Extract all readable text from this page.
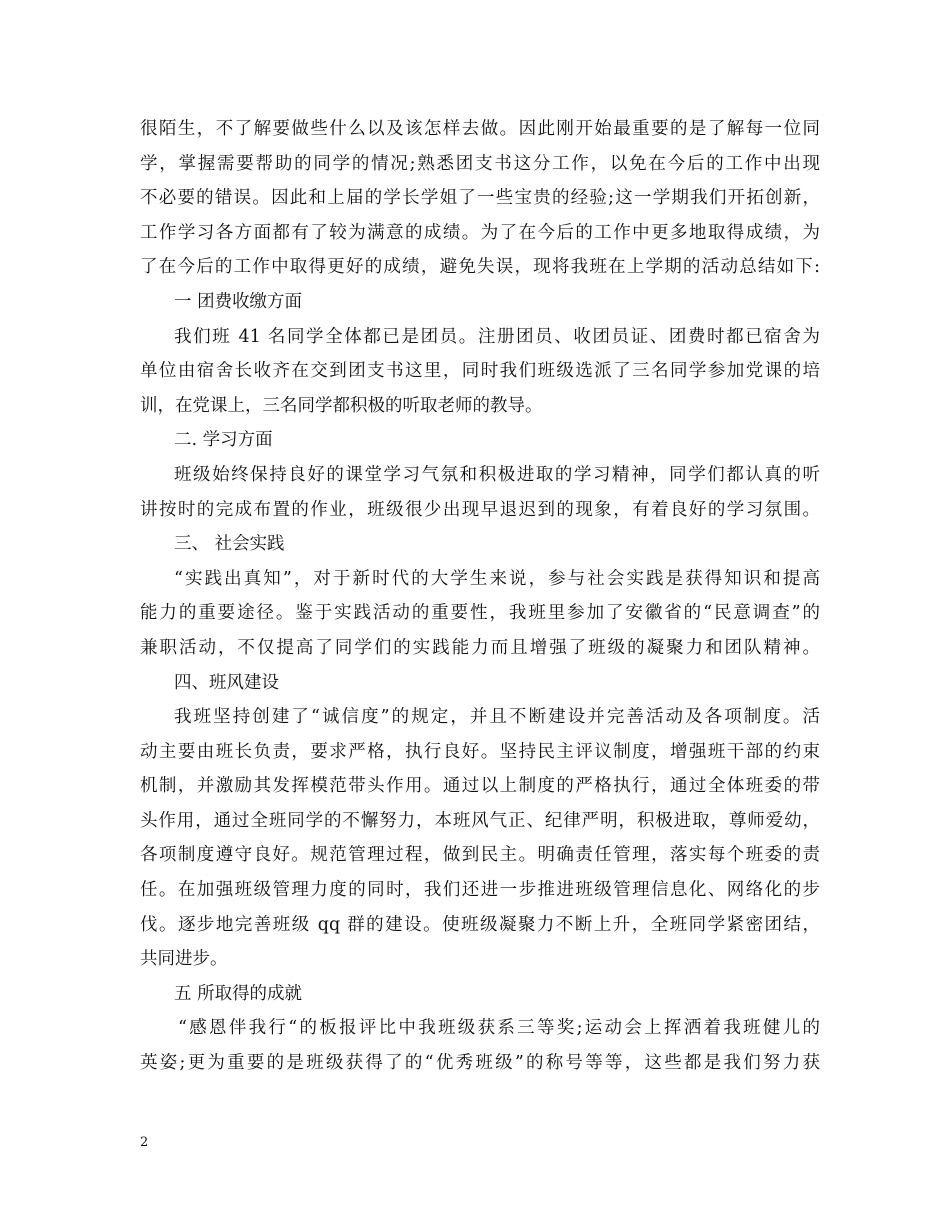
很陌生，不了解要做些什么以及该怎样去做。因此刚开始最重要的是了解每一位同
学，掌握需要帮助的同学的情况;熟悉团支书这分工作，以免在今后的工作中出现
不必要的错误。因此和上届的学长学姐了一些宝贵的经验;这一学期我们开拓创新，
工作学习各方面都有了较为满意的成绩。为了在今后的工作中更多地取得成绩，为
了在今后的工作中取得更好的成绩，避免失误，现将我班在上学期的活动总结如下:
一 团费收缴方面
我们班 41 名同学全体都已是团员。注册团员、收团员证、团费时都已宿舍为
单位由宿舍长收齐在交到团支书这里，同时我们班级选派了三名同学参加党课的培
训，在党课上，三名同学都积极的听取老师的教导。
二. 学习方面
班级始终保持良好的课堂学习气氛和积极进取的学习精神，同学们都认真的听
讲按时的完成布置的作业，班级很少出现早退迟到的现象，有着良好的学习氛围。
三、 社会实践
“实践出真知”，对于新时代的大学生来说，参与社会实践是获得知识和提高
能力的重要途径。鉴于实践活动的重要性，我班里参加了安徽省的“民意调查”的
兼职活动，不仅提高了同学们的实践能力而且增强了班级的凝聚力和团队精神。
四、班风建设
我班坚持创建了“诚信度”的规定，并且不断建设并完善活动及各项制度。活
动主要由班长负责，要求严格，执行良好。坚持民主评议制度，增强班干部的约束
机制，并激励其发挥模范带头作用。通过以上制度的严格执行，通过全体班委的带
头作用，通过全班同学的不懈努力，本班风气正、纪律严明，积极进取，尊师爱幼，
各项制度遵守良好。规范管理过程，做到民主。明确责任管理，落实每个班委的责
任。在加强班级管理力度的同时，我们还进一步推进班级管理信息化、网络化的步
伐。逐步地完善班级 qq 群的建设。使班级凝聚力不断上升，全班同学紧密团结，
共同进步。
五 所取得的成就
“感恩伴我行“的板报评比中我班级获系三等奖;运动会上挥洒着我班健儿的
英姿;更为重要的是班级获得了的“优秀班级”的称号等等，这些都是我们努力获
2
